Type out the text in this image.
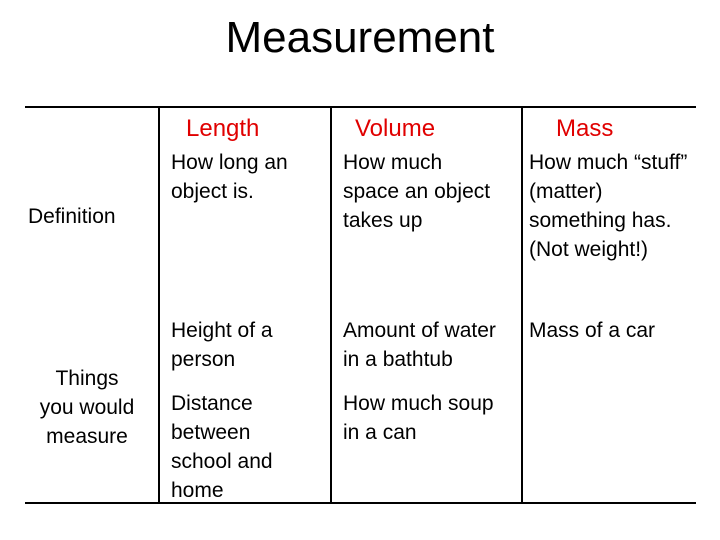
Measurement
Length	Volume	Mass
Definition
How long an object is.
How much space an object takes up
How much “stuff” (matter) something has. (Not weight!)
Things
you would
measure
Height of a person
Distance between school and home
Amount of water in a bathtub
How much soup in a can
Mass of a car
